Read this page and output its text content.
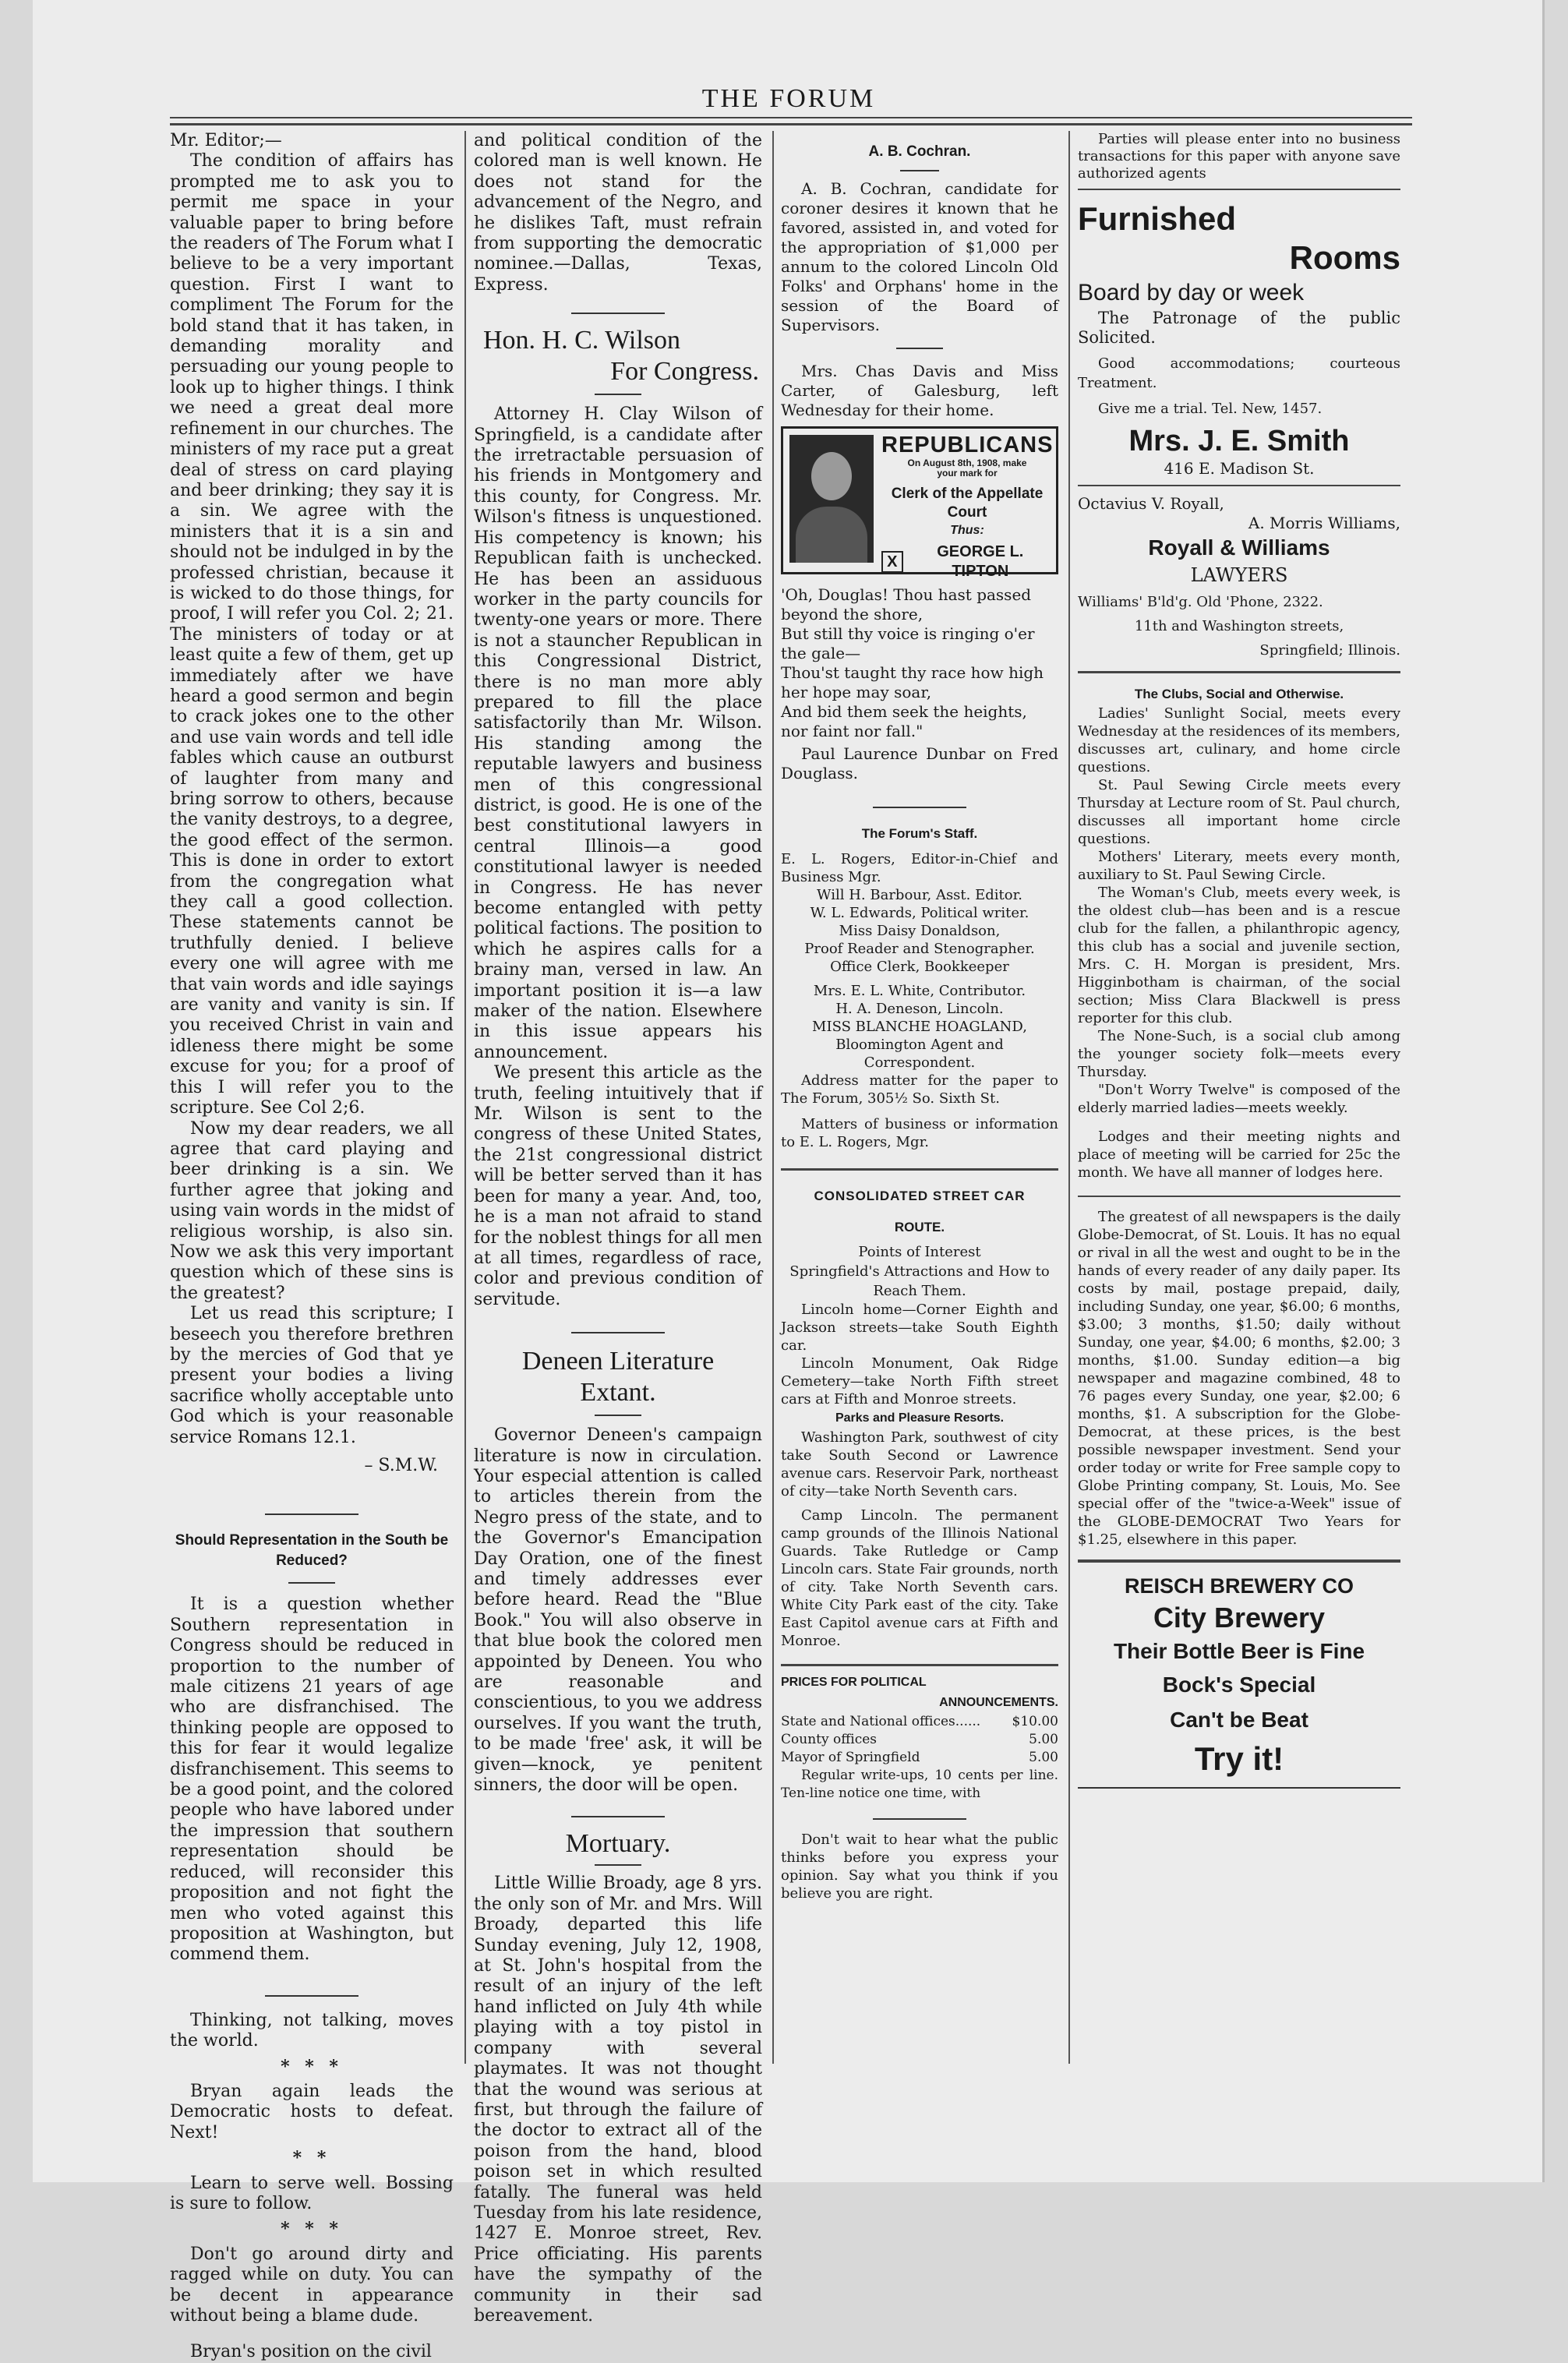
THE FORUM

Mr. Editor;—

The condition of affairs has prompted me to ask you to permit me space in your valuable paper to bring before the readers of The Forum what I believe to be a very important question. First I want to compliment The Forum for the bold stand that it has taken, in demanding morality and persuading our young people to look up to higher things. I think we need a great deal more refinement in our churches. The ministers of my race put a great deal of stress on card playing and beer drinking; they say it is a sin. We agree with the ministers that it is a sin and should not be indulged in by the professed christian, because it is wicked to do those things, for proof, I will refer you Col. 2; 21. The ministers of today or at least quite a few of them, get up immediately after we have heard a good sermon and begin to crack jokes one to the other and use vain words and tell idle fables which cause an outburst of laughter from many and bring sorrow to others, because the vanity destroys, to a degree, the good effect of the sermon. This is done in order to extort from the congregation what they call a good collection. These statements cannot be truthfully denied. I believe every one will agree with me that vain words and idle sayings are vanity and vanity is sin. If you received Christ in vain and idleness there might be some excuse for you; for a proof of this I will refer you to the scripture. See Col 2;6.

Now my dear readers, we all agree that card playing and beer drinking is a sin. We further agree that joking and using vain words in the midst of religious worship, is also sin. Now we ask this very important question which of these sins is the greatest?

Let us read this scripture; I beseech you therefore brethren by the mercies of God that ye present your bodies a living sacrifice wholly acceptable unto God which is your reasonable service Romans 12.1.

– S.M.W.
Should Representation in the South be Reduced?

It is a question whether Southern representation in Congress should be reduced in proportion to the number of male citizens 21 years of age who are disfranchised. The thinking people are opposed to this for fear it would legalize disfranchisement. This seems to be a good point, and the colored people who have labored under the impression that southern representation should be reduced, will reconsider this proposition and not fight the men who voted against this proposition at Washington, but commend them.

Thinking, not talking, moves the world.

* * *

Bryan again leads the Democratic hosts to defeat. Next!

* *

Learn to serve well. Bossing is sure to follow.

* * *

Don't go around dirty and ragged while on duty. You can be decent in appearance without being a blame dude.

Bryan's position on the civil

and political condition of the colored man is well known. He does not stand for the advancement of the Negro, and he dislikes Taft, must refrain from supporting the democratic nominee.—Dallas, Texas, Express.

Hon. H. C. Wilson
For Congress.

Attorney H. Clay Wilson of Springfield, is a candidate after the irretractable persuasion of his friends in Montgomery and this county, for Congress. Mr. Wilson's fitness is unquestioned. His competency is known; his Republican faith is unchecked. He has been an assiduous worker in the party councils for twenty-one years or more. There is not a stauncher Republican in this Congressional District, there is no man more ably prepared to fill the place satisfactorily than Mr. Wilson. His standing among the reputable lawyers and business men of this congressional district, is good. He is one of the best constitutional lawyers in central Illinois—a good constitutional lawyer is needed in Congress. He has never become entangled with petty political factions. The position to which he aspires calls for a brainy man, versed in law. An important position it is—a law maker of the nation. Elsewhere in this issue appears his announcement.

We present this article as the truth, feeling intuitively that if Mr. Wilson is sent to the congress of these United States, the 21st congressional district will be better served than it has been for many a year. And, too, he is a man not afraid to stand for the noblest things for all men at all times, regardless of race, color and previous condition of servitude.

Deneen Literature
Extant.

Governor Deneen's campaign literature is now in circulation. Your especial attention is called to articles therein from the Negro press of the state, and to the Governor's Emancipation Day Oration, one of the finest and timely addresses ever before heard. Read the "Blue Book." You will also observe in that blue book the colored men appointed by Deneen. You who are reasonable and conscientious, to you we address ourselves. If you want the truth, to be made 'free' ask, it will be given—knock, ye penitent sinners, the door will be open.

Mortuary.

Little Willie Broady, age 8 yrs. the only son of Mr. and Mrs. Will Broady, departed this life Sunday evening, July 12, 1908, at St. John's hospital from the result of an injury of the left hand inflicted on July 4th while playing with a toy pistol in company with several playmates. It was not thought that the wound was serious at first, but through the failure of the doctor to extract all of the poison from the hand, blood poison set in which resulted fatally. The funeral was held Tuesday from his late residence, 1427 E. Monroe street, Rev. Price officiating. His parents have the sympathy of the community in their sad bereavement.

A. B. Cochran.

A. B. Cochran, candidate for coroner desires it known that he favored, assisted in, and voted for the appropriation of $1,000 per annum to the colored Lincoln Old Folks' and Orphans' home in the session of the Board of Supervisors.

Mrs. Chas Davis and Miss Carter, of Galesburg, left Wednesday for their home.

REPUBLICANS
On August 8th, 1908, make
your mark for
Clerk of the Appellate Court
Thus:
X
GEORGE L. TIPTON
'Oh, Douglas! Thou hast passed beyond the shore,
But still thy voice is ringing o'er the gale—
Thou'st taught thy race how high her hope may soar,
And bid them seek the heights, nor faint nor fall."

Paul Laurence Dunbar on Fred Douglass.

The Forum's Staff.

E. L. Rogers, Editor-in-Chief and Business Mgr.

Will H. Barbour, Asst. Editor.
W. L. Edwards, Political writer.
Miss Daisy Donaldson,
Proof Reader and Stenographer.
Office Clerk, Bookkeeper
Mrs. E. L. White, Contributor.
H. A. Deneson, Lincoln.
MISS BLANCHE HOAGLAND,
Bloomington Agent and Correspondent.

Address matter for the paper to The Forum, 305½ So. Sixth St.

Matters of business or information to E. L. Rogers, Mgr.

CONSOLIDATED STREET CAR
ROUTE.
Points of Interest
Springfield's Attractions and How to Reach Them.

Lincoln home—Corner Eighth and Jackson streets—take South Eighth car.

Lincoln Monument, Oak Ridge Cemetery—take North Fifth street cars at Fifth and Monroe streets.

Parks and Pleasure Resorts.

Washington Park, southwest of city take South Second or Lawrence avenue cars. Reservoir Park, northeast of city—take North Seventh cars.

Camp Lincoln. The permanent camp grounds of the Illinois National Guards. Take Rutledge or Camp Lincoln cars. State Fair grounds, north of city. Take North Seventh cars. White City Park east of the city. Take East Capitol avenue cars at Fifth and Monroe.

PRICES FOR POLITICAL
ANNOUNCEMENTS.
State and National offices...... $10.00
County offices	5.00
Mayor of Springfield	5.00

Regular write-ups, 10 cents per line. Ten-line notice one time, with

Don't wait to hear what the public thinks before you express your opinion. Say what you think if you believe you are right.

Parties will please enter into no business transactions for this paper with anyone save authorized agents

Furnished
Rooms
Board by day or week

The Patronage of the public Solicited.

Good accommodations; courteous Treatment.

Give me a trial. Tel. New, 1457.

Mrs. J. E. Smith
416 E. Madison St.
Octavius V. Royall,
A. Morris Williams,
Royall & Williams
LAWYERS
Williams' B'ld'g. Old 'Phone, 2322.
11th and Washington streets,
Springfield; Illinois.
The Clubs, Social and Otherwise.

Ladies' Sunlight Social, meets every Wednesday at the residences of its members, discusses art, culinary, and home circle questions.

St. Paul Sewing Circle meets every Thursday at Lecture room of St. Paul church, discusses all important home circle questions.

Mothers' Literary, meets every month, auxiliary to St. Paul Sewing Circle.

The Woman's Club, meets every week, is the oldest club—has been and is a rescue club for the fallen, a philanthropic agency, this club has a social and juvenile section, Mrs. C. H. Morgan is president, Mrs. Higginbotham is chairman, of the social section; Miss Clara Blackwell is press reporter for this club.

The None-Such, is a social club among the younger society folk—meets every Thursday.

"Don't Worry Twelve" is composed of the elderly married ladies—meets weekly.

Lodges and their meeting nights and place of meeting will be carried for 25c the month. We have all manner of lodges here.

The greatest of all newspapers is the daily Globe-Democrat, of St. Louis. It has no equal or rival in all the west and ought to be in the hands of every reader of any daily paper. Its costs by mail, postage prepaid, daily, including Sunday, one year, $6.00; 6 months, $3.00; 3 months, $1.50; daily without Sunday, one year, $4.00; 6 months, $2.00; 3 months, $1.00. Sunday edition—a big newspaper and magazine combined, 48 to 76 pages every Sunday, one year, $2.00; 6 months, $1. A subscription for the Globe-Democrat, at these prices, is the best possible newspaper investment. Send your order today or write for Free sample copy to Globe Printing company, St. Louis, Mo. See special offer of the "twice-a-Week" issue of the GLOBE-DEMOCRAT Two Years for $1.25, elsewhere in this paper.

REISCH BREWERY CO
City Brewery
Their Bottle Beer is Fine
Bock's Special
Can't be Beat
Try it!
